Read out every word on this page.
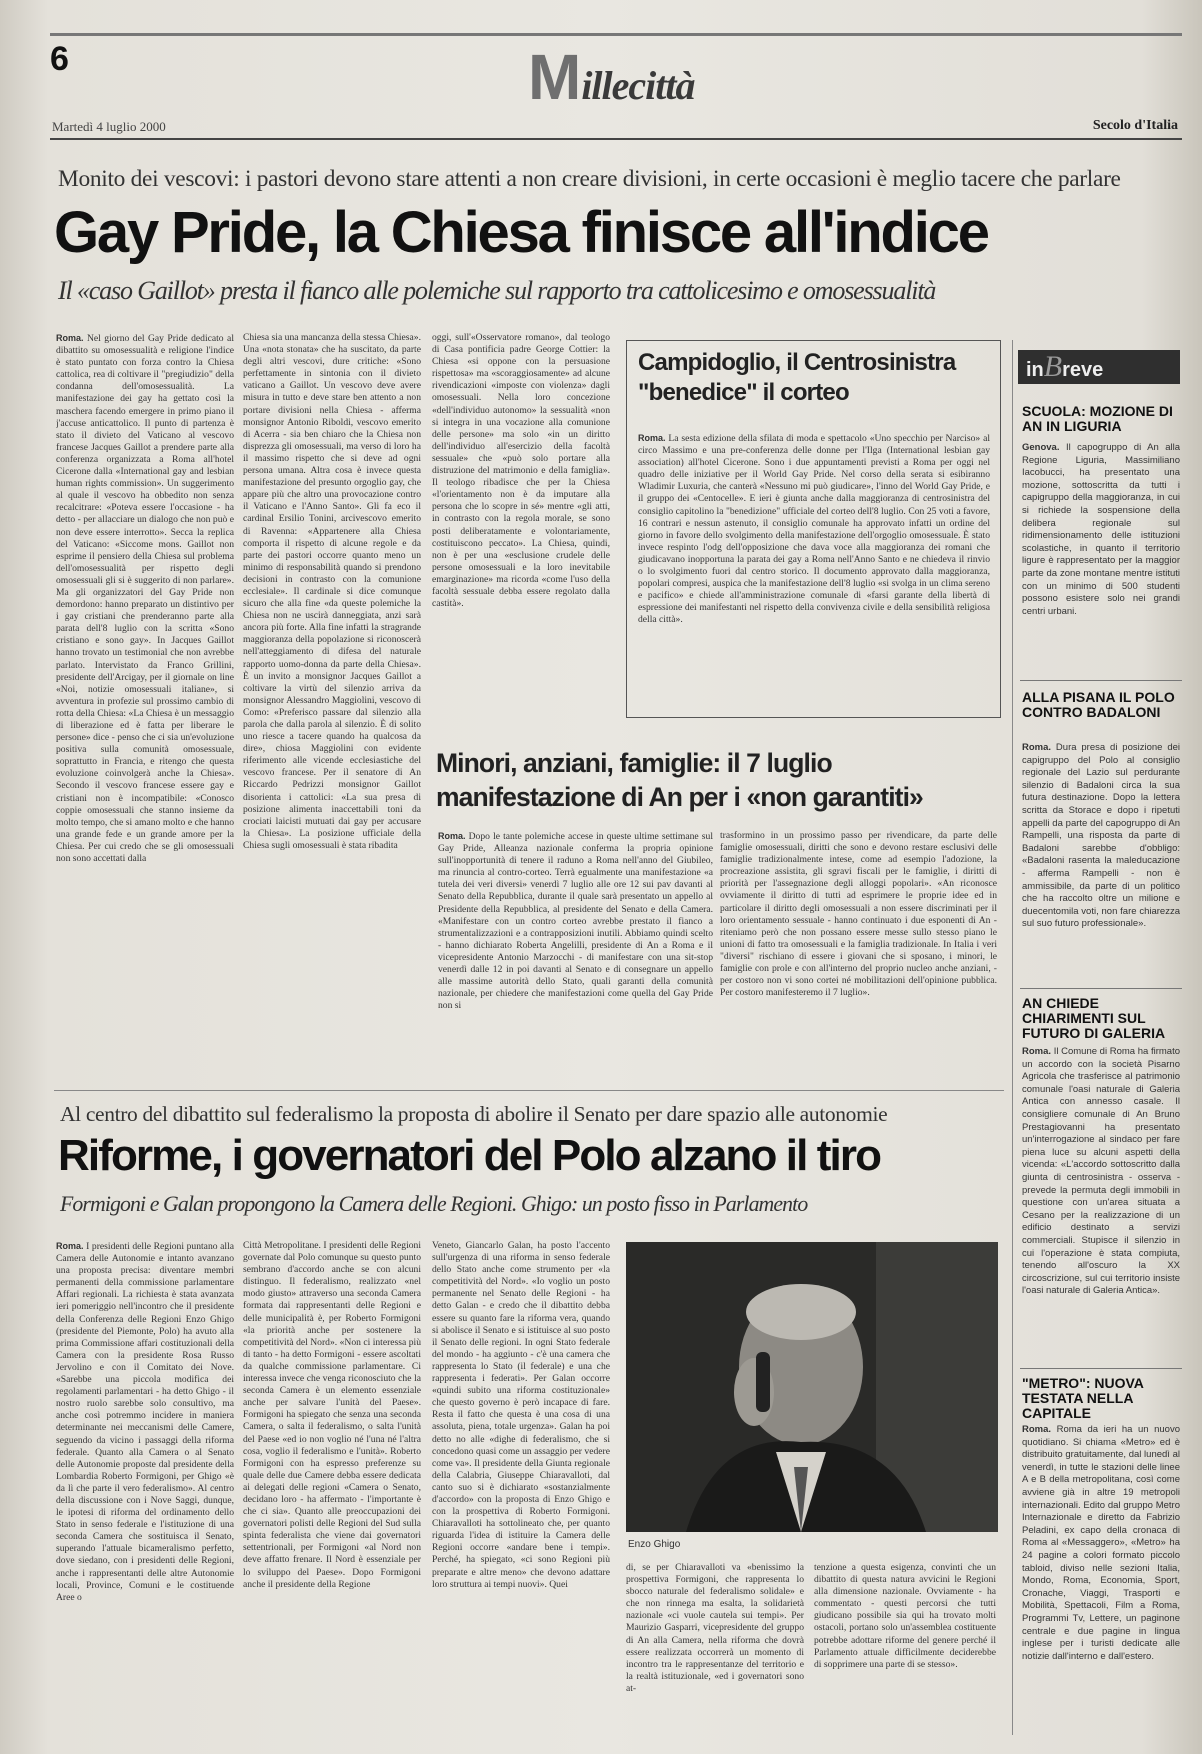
6	Millecittà
Martedì 4 luglio 2000	Secolo d'Italia
Monito dei vescovi: i pastori devono stare attenti a non creare divisioni, in certe occasioni è meglio tacere che parlare
Gay Pride, la Chiesa finisce all'indice
Il «caso Gaillot» presta il fianco alle polemiche sul rapporto tra cattolicesimo e omosessualità
Roma. Nel giorno del Gay Pride dedicato al dibattito su omosessualità e religione l'indice è stato puntato con forza contro la Chiesa cattolica, rea di coltivare il "pregiudizio" della condanna dell'omosessualità. La manifestazione dei gay ha gettato così la maschera facendo emergere in primo piano il j'accuse anticattolico. Il punto di partenza è stato il divieto del Vaticano al vescovo francese Jacques Gaillot a prendere parte alla conferenza organizzata a Roma all'hotel Cicerone dalla «International gay and lesbian human rights commission». Un suggerimento al quale il vescovo ha obbedito non senza recalcitrare: «Poteva essere l'occasione - ha detto - per allacciare un dialogo che non può e non deve essere interrotto». Secca la replica del Vaticano: «Siccome mons. Gaillot non esprime il pensiero della Chiesa sul problema dell'omosessualità per rispetto degli omosessuali gli si è suggerito di non parlare». Ma gli organizzatori del Gay Pride non demordono: hanno preparato un distintivo per i gay cristiani che prenderanno parte alla parata dell'8 luglio con la scritta «Sono cristiano e sono gay». In Jacques Gaillot hanno trovato un testimonial che non avrebbe parlato. Intervistato da Franco Grillini, presidente dell'Arcigay, per il giornale on line «Noi, notizie omosessuali italiane», si avventura in profezie sul prossimo cambio di rotta della Chiesa: «La Chiesa è un messaggio di liberazione ed è fatta per liberare le persone» dice - penso che ci sia un'evoluzione positiva sulla comunità omosessuale, soprattutto in Francia, e ritengo che questa evoluzione coinvolgerà anche la Chiesa». Secondo il vescovo francese essere gay e cristiani non è incompatibile: «Conosco coppie omosessuali che stanno insieme da molto tempo, che si amano molto e che hanno una grande fede e un grande amore per la Chiesa. Per cui credo che se gli omosessuali non sono accettati dalla
Chiesa sia una mancanza della stessa Chiesa». Una «nota stonata» che ha suscitato, da parte degli altri vescovi, dure critiche: «Sono perfettamente in sintonia con il divieto vaticano a Gaillot. Un vescovo deve avere misura in tutto e deve stare ben attento a non portare divisioni nella Chiesa - afferma monsignor Antonio Riboldi, vescovo emerito di Acerra - sia ben chiaro che la Chiesa non disprezza gli omosessuali, ma verso di loro ha il massimo rispetto che si deve ad ogni persona umana. Altra cosa è invece questa manifestazione del presunto orgoglio gay, che appare più che altro una provocazione contro il Vaticano e l'Anno Santo». Gli fa eco il cardinal Ersilio Tonini, arcivescovo emerito di Ravenna: «Appartenere alla Chiesa comporta il rispetto di alcune regole e da parte dei pastori occorre quanto meno un minimo di responsabilità quando si prendono decisioni in contrasto con la comunione ecclesiale». Il cardinale si dice comunque sicuro che alla fine «da queste polemiche la Chiesa non ne uscirà danneggiata, anzi sarà ancora più forte. Alla fine infatti la stragrande maggioranza della popolazione si riconoscerà nell'atteggiamento di difesa del naturale rapporto uomo-donna da parte della Chiesa». È un invito a monsignor Jacques Gaillot a coltivare la virtù del silenzio arriva da monsignor Alessandro Maggiolini, vescovo di Como: «Preferisco passare dal silenzio alla parola che dalla parola al silenzio. È di solito uno riesce a tacere quando ha qualcosa da dire», chiosa Maggiolini con evidente riferimento alle vicende ecclesiastiche del vescovo francese. Per il senatore di An Riccardo Pedrizzi monsignor Gaillot disorienta i cattolici: «La sua presa di posizione alimenta inaccettabili toni da crociati laicisti mutuati dai gay per accusare la Chiesa». La posizione ufficiale della Chiesa sugli omosessuali è stata ribadita
oggi, sull'«Osservatore romano», dal teologo di Casa pontificia padre George Cottier: la Chiesa «si oppone con la persuasione rispettosa» ma «scoraggiosamente» ad alcune rivendicazioni «imposte con violenza» dagli omosessuali. Nella loro concezione «dell'individuo autonomo» la sessualità «non si integra in una vocazione alla comunione delle persone» ma solo «in un diritto dell'individuo all'esercizio della facoltà sessuale» che «può solo portare alla distruzione del matrimonio e della famiglia». Il teologo ribadisce che per la Chiesa «l'orientamento non è da imputare alla persona che lo scopre in sé» mentre «gli atti, in contrasto con la regola morale, se sono posti deliberatamente e volontariamente, costituiscono peccato». La Chiesa, quindi, non è per una «esclusione crudele delle persone omosessuali e la loro inevitabile emarginazione» ma ricorda «come l'uso della facoltà sessuale debba essere regolato dalla castità».
Campidoglio, il Centrosinistra
"benedice" il corteo
Roma. La sesta edizione della sfilata di moda e spettacolo «Uno specchio per Narciso» al circo Massimo e una pre-conferenza delle donne per l'Ilga (International lesbian gay association) all'hotel Cicerone. Sono i due appuntamenti previsti a Roma per oggi nel quadro delle iniziative per il World Gay Pride. Nel corso della serata si esibiranno Wladimir Luxuria, che canterà «Nessuno mi può giudicare», l'inno del World Gay Pride, e il gruppo dei «Centocelle». E ieri è giunta anche dalla maggioranza di centrosinistra del consiglio capitolino la "benedizione" ufficiale del corteo dell'8 luglio. Con 25 voti a favore, 16 contrari e nessun astenuto, il consiglio comunale ha approvato infatti un ordine del giorno in favore dello svolgimento della manifestazione dell'orgoglio omosessuale. È stato invece respinto l'odg dell'opposizione che dava voce alla maggioranza dei romani che giudicavano inopportuna la parata dei gay a Roma nell'Anno Santo e ne chiedeva il rinvio o lo svolgimento fuori dal centro storico. Il documento approvato dalla maggioranza, popolari compresi, auspica che la manifestazione dell'8 luglio «si svolga in un clima sereno e pacifico» e chiede all'amministrazione comunale di «farsi garante della libertà di espressione dei manifestanti nel rispetto della convivenza civile e della sensibilità religiosa della città».
Minori, anziani, famiglie: il 7 luglio
manifestazione di An per i «non garantiti»
Roma. Dopo le tante polemiche accese in queste ultime settimane sul Gay Pride, Alleanza nazionale conferma la propria opinione sull'inopportunità di tenere il raduno a Roma nell'anno del Giubileo, ma rinuncia al contro-corteo. Terrà egualmente una manifestazione «a tutela dei veri diversi» venerdì 7 luglio alle ore 12 sui pav davanti al Senato della Repubblica, durante il quale sarà presentato un appello al Presidente della Repubblica, al presidente del Senato e della Camera. «Manifestare con un contro corteo avrebbe prestato il fianco a strumentalizzazioni e a contrapposizioni inutili. Abbiamo quindi scelto - hanno dichiarato Roberta Angelilli, presidente di An a Roma e il vicepresidente Antonio Marzocchi - di manifestare con una sit-stop venerdì dalle 12 in poi davanti al Senato e di consegnare un appello alle massime autorità dello Stato, quali garanti della comunità nazionale, per chiedere che manifestazioni come quella del Gay Pride non si
trasformino in un prossimo passo per rivendicare, da parte delle famiglie omosessuali, diritti che sono e devono restare esclusivi delle famiglie tradizionalmente intese, come ad esempio l'adozione, la procreazione assistita, gli sgravi fiscali per le famiglie, i diritti di priorità per l'assegnazione degli alloggi popolari». «An riconosce ovviamente il diritto di tutti ad esprimere le proprie idee ed in particolare il diritto degli omosessuali a non essere discriminati per il loro orientamento sessuale - hanno continuato i due esponenti di An - riteniamo però che non possano essere messe sullo stesso piano le unioni di fatto tra omosessuali e la famiglia tradizionale. In Italia i veri "diversi" rischiano di essere i giovani che si sposano, i minori, le famiglie con prole e con all'interno del proprio nucleo anche anziani, - per costoro non vi sono cortei né mobilitazioni dell'opinione pubblica. Per costoro manifesteremo il 7 luglio».
inBreve
SCUOLA: MOZIONE DI AN IN LIGURIA
Genova. Il capogruppo di An alla Regione Liguria, Massimiliano Iacobucci, ha presentato una mozione, sottoscritta da tutti i capigruppo della maggioranza, in cui si richiede la sospensione della delibera regionale sul ridimensionamento delle istituzioni scolastiche, in quanto il territorio ligure è rappresentato per la maggior parte da zone montane mentre istituti con un minimo di 500 studenti possono esistere solo nei grandi centri urbani.
ALLA PISANA IL POLO CONTRO BADALONI
Roma. Dura presa di posizione dei capigruppo del Polo al consiglio regionale del Lazio sul perdurante silenzio di Badaloni circa la sua futura destinazione. Dopo la lettera scritta da Storace e dopo i ripetuti appelli da parte del capogruppo di An Rampelli, una risposta da parte di Badaloni sarebbe d'obbligo: «Badaloni rasenta la maleducazione - afferma Rampelli - non è ammissibile, da parte di un politico che ha raccolto oltre un milione e duecentomila voti, non fare chiarezza sul suo futuro professionale».
AN CHIEDE CHIARIMENTI SUL FUTURO DI GALERIA
Roma. Il Comune di Roma ha firmato un accordo con la società Pisarno Agricola che trasferisce al patrimonio comunale l'oasi naturale di Galeria Antica con annesso casale. Il consigliere comunale di An Bruno Prestagiovanni ha presentato un'interrogazione al sindaco per fare piena luce su alcuni aspetti della vicenda: «L'accordo sottoscritto dalla giunta di centrosinistra - osserva - prevede la permuta degli immobili in questione con un'area situata a Cesano per la realizzazione di un edificio destinato a servizi commerciali. Stupisce il silenzio in cui l'operazione è stata compiuta, tenendo all'oscuro la XX circoscrizione, sul cui territorio insiste l'oasi naturale di Galeria Antica».
"METRO": NUOVA TESTATA NELLA CAPITALE
Roma. Roma da ieri ha un nuovo quotidiano. Si chiama «Metro» ed è distribuito gratuitamente, dal lunedì al venerdì, in tutte le stazioni delle linee A e B della metropolitana, così come avviene già in altre 19 metropoli internazionali. Edito dal gruppo Metro Internazionale e diretto da Fabrizio Peladini, ex capo della cronaca di Roma al «Messaggero», «Metro» ha 24 pagine a colori formato piccolo tabloid, diviso nelle sezioni Italia, Mondo, Roma, Economia, Sport, Cronache, Viaggi, Trasporti e Mobilità, Spettacoli, Film a Roma, Programmi Tv, Lettere, un paginone centrale e due pagine in lingua inglese per i turisti dedicate alle notizie dall'interno e dall'estero.
Al centro del dibattito sul federalismo la proposta di abolire il Senato per dare spazio alle autonomie
Riforme, i governatori del Polo alzano il tiro
Formigoni e Galan propongono la Camera delle Regioni. Ghigo: un posto fisso in Parlamento
Roma. I presidenti delle Regioni puntano alla Camera delle Autonomie e intanto avanzano una proposta precisa: diventare membri permanenti della commissione parlamentare Affari regionali. La richiesta è stata avanzata ieri pomeriggio nell'incontro che il presidente della Conferenza delle Regioni Enzo Ghigo (presidente del Piemonte, Polo) ha avuto alla prima Commissione affari costituzionali della Camera con la presidente Rosa Russo Jervolino e con il Comitato dei Nove. «Sarebbe una piccola modifica dei regolamenti parlamentari - ha detto Ghigo - il nostro ruolo sarebbe solo consultivo, ma anche così potremmo incidere in maniera determinante nei meccanismi delle Camere, seguendo da vicino i passaggi della riforma federale. Quanto alla Camera o al Senato delle Autonomie proposte dal presidente della Lombardia Roberto Formigoni, per Ghigo «è da lì che parte il vero federalismo». Al centro della discussione con i Nove Saggi, dunque, le ipotesi di riforma del ordinamento dello Stato in senso federale e l'istituzione di una seconda Camera che sostituisca il Senato, superando l'attuale bicameralismo perfetto, dove siedano, con i presidenti delle Regioni, anche i rappresentanti delle altre Autonomie locali, Province, Comuni e le costituende Aree o
Città Metropolitane. I presidenti delle Regioni governate dal Polo comunque su questo punto sembrano d'accordo anche se con alcuni distinguo. Il federalismo, realizzato «nel modo giusto» attraverso una seconda Camera formata dai rappresentanti delle Regioni e delle municipalità è, per Roberto Formigoni «la priorità anche per sostenere la competitività del Nord». «Non ci interessa più di tanto - ha detto Formigoni - essere ascoltati da qualche commissione parlamentare. Ci interessa invece che venga riconosciuto che la seconda Camera è un elemento essenziale anche per salvare l'unità del Paese». Formigoni ha spiegato che senza una seconda Camera, o salta il federalismo, o salta l'unità del Paese «ed io non voglio né l'una né l'altra cosa, voglio il federalismo e l'unità». Roberto Formigoni con ha espresso preferenze su quale delle due Camere debba essere dedicata ai delegati delle regioni «Camera o Senato, decidano loro - ha affermato - l'importante è che ci sia». Quanto alle preoccupazioni dei governatori polisti delle Regioni del Sud sulla spinta federalista che viene dai governatori settentrionali, per Formigoni «al Nord non deve affatto frenare. Il Nord è essenziale per lo sviluppo del Paese». Dopo Formigoni anche il presidente della Regione
Veneto, Giancarlo Galan, ha posto l'accento sull'urgenza di una riforma in senso federale dello Stato anche come strumento per «la competitività del Nord». «Io voglio un posto permanente nel Senato delle Regioni - ha detto Galan - e credo che il dibattito debba essere su quanto fare la riforma vera, quando si abolisce il Senato e si istituisce al suo posto il Senato delle regioni. In ogni Stato federale del mondo - ha aggiunto - c'è una camera che rappresenta lo Stato (il federale) e una che rappresenta i federati». Per Galan occorre «quindi subito una riforma costituzionale» che questo governo è però incapace di fare. Resta il fatto che questa è una cosa di una assoluta, piena, totale urgenza». Galan ha poi detto no alle «dighe di federalismo, che si concedono quasi come un assaggio per vedere come va». Il presidente della Giunta regionale della Calabria, Giuseppe Chiaravalloti, dal canto suo si è dichiarato «sostanzialmente d'accordo» con la proposta di Enzo Ghigo e con la prospettiva di Roberto Formigoni. Chiaravalloti ha sottolineato che, per quanto riguarda l'idea di istituire la Camera delle Regioni occorre «andare bene i tempi». Perché, ha spiegato, «ci sono Regioni più preparate e altre meno» che devono adattare loro struttura ai tempi nuovi». Quei
Enzo Ghigo
di, se per Chiaravalloti va «benissimo la prospettiva Formigoni, che rappresenta lo sbocco naturale del federalismo solidale» e che non rinnega ma esalta, la solidarietà nazionale «ci vuole cautela sui tempi». Per Maurizio Gasparri, vicepresidente del gruppo di An alla Camera, nella riforma che dovrà essere realizzata occorrerà un momento di incontro tra le rappresentanze del territorio e la realtà istituzionale, «ed i governatori sono at-
tenzione a questa esigenza, convinti che un dibattito di questa natura avvicini le Regioni alla dimensione nazionale. Ovviamente - ha commentato - questi percorsi che tutti giudicano possibile sia qui ha trovato molti ostacoli, portano solo un'assemblea costituente potrebbe adottare riforme del genere perché il Parlamento attuale difficilmente deciderebbe di sopprimere una parte di se stesso».
